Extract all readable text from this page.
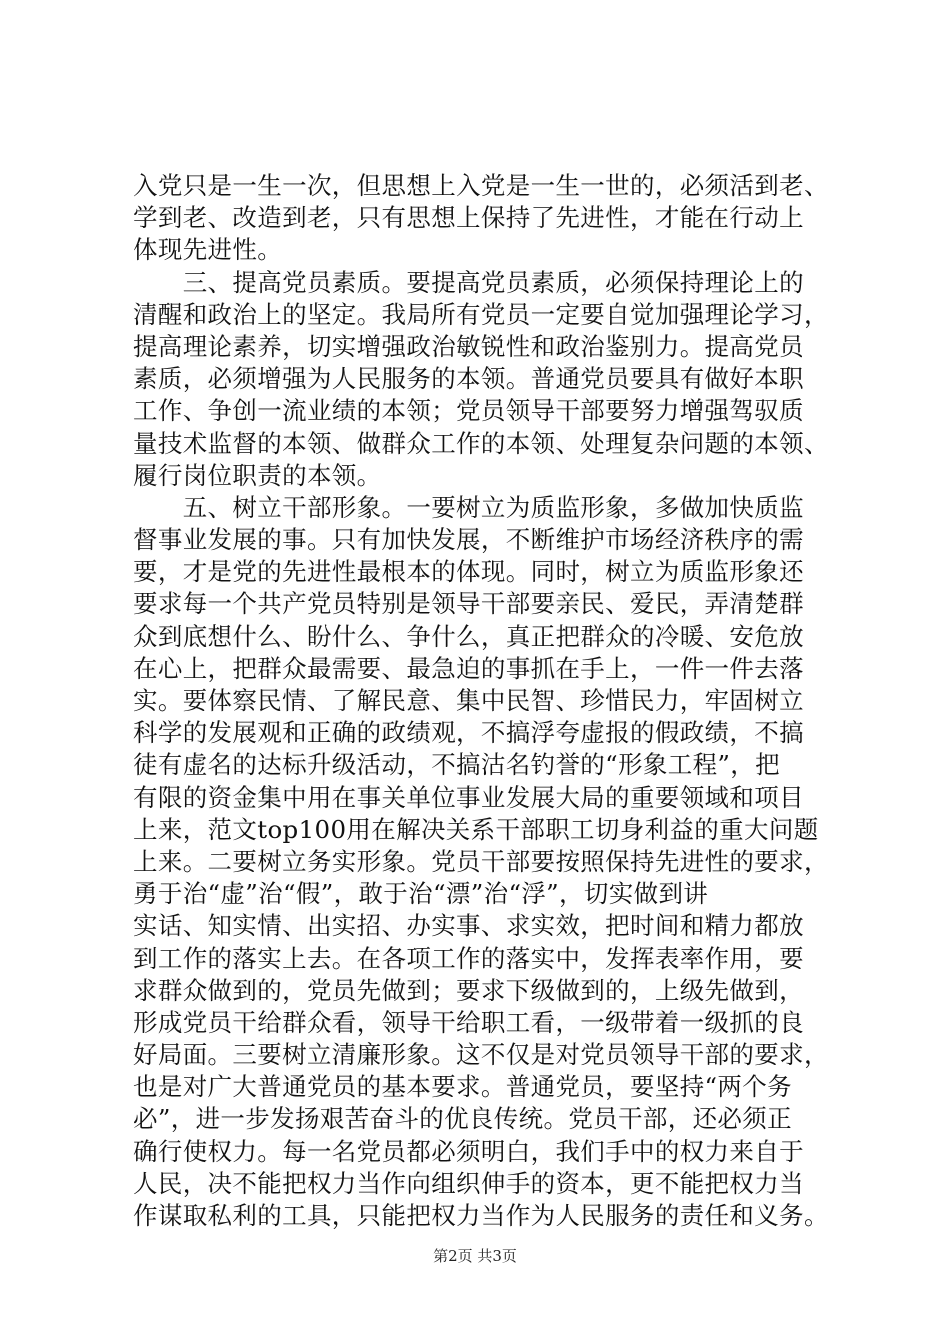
入党只是一生一次，但思想上入党是一生一世的，必须活到老、
学到老、改造到老，只有思想上保持了先进性，才能在行动上
体现先进性。
　　三、提高党员素质。要提高党员素质，必须保持理论上的
清醒和政治上的坚定。我局所有党员一定要自觉加强理论学习，
提高理论素养，切实增强政治敏锐性和政治鉴别力。提高党员
素质，必须增强为人民服务的本领。普通党员要具有做好本职
工作、争创一流业绩的本领；党员领导干部要努力增强驾驭质
量技术监督的本领、做群众工作的本领、处理复杂问题的本领、
履行岗位职责的本领。
　　五、树立干部形象。一要树立为质监形象，多做加快质监
督事业发展的事。只有加快发展，不断维护市场经济秩序的需
要，才是党的先进性最根本的体现。同时，树立为质监形象还
要求每一个共产党员特别是领导干部要亲民、爱民，弄清楚群
众到底想什么、盼什么、争什么，真正把群众的冷暖、安危放
在心上，把群众最需要、最急迫的事抓在手上，一件一件去落
实。要体察民情、了解民意、集中民智、珍惜民力，牢固树立
科学的发展观和正确的政绩观，不搞浮夸虚报的假政绩，不搞
徒有虚名的达标升级活动，不搞沽名钓誉的“形象工程”，把
有限的资金集中用在事关单位事业发展大局的重要领域和项目
上来，范文top100用在解决关系干部职工切身利益的重大问题
上来。二要树立务实形象。党员干部要按照保持先进性的要求，
勇于治“虚”治“假”，敢于治“漂”治“浮”，切实做到讲
实话、知实情、出实招、办实事、求实效，把时间和精力都放
到工作的落实上去。在各项工作的落实中，发挥表率作用，要
求群众做到的，党员先做到；要求下级做到的，上级先做到，
形成党员干给群众看，领导干给职工看，一级带着一级抓的良
好局面。三要树立清廉形象。这不仅是对党员领导干部的要求，
也是对广大普通党员的基本要求。普通党员，要坚持“两个务
必”，进一步发扬艰苦奋斗的优良传统。党员干部，还必须正
确行使权力。每一名党员都必须明白，我们手中的权力来自于
人民，决不能把权力当作向组织伸手的资本，更不能把权力当
作谋取私利的工具，只能把权力当作为人民服务的责任和义务。
第2页 共3页
